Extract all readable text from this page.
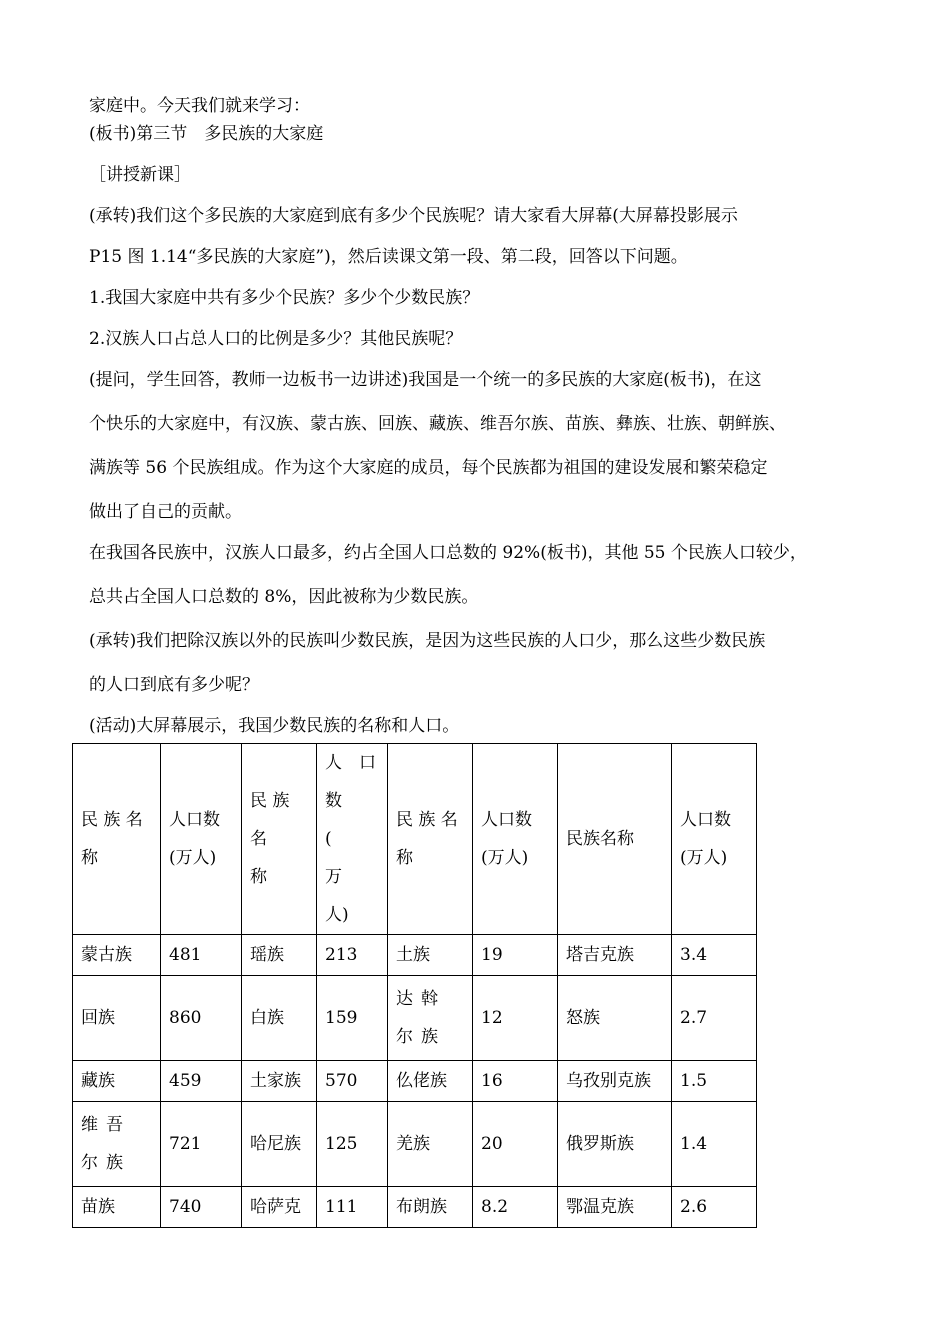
家庭中。今天我们就来学习：

(板书)第三节　多民族的大家庭

［讲授新课］

(承转)我们这个多民族的大家庭到底有多少个民族呢？请大家看大屏幕(大屏幕投影展示

P15 图 1.14“多民族的大家庭”)，然后读课文第一段、第二段，回答以下问题。

1.我国大家庭中共有多少个民族？多少个少数民族？

2.汉族人口占总人口的比例是多少？其他民族呢？

(提问，学生回答，教师一边板书一边讲述)我国是一个统一的多民族的大家庭(板书)，在这

个快乐的大家庭中，有汉族、蒙古族、回族、藏族、维吾尔族、苗族、彝族、壮族、朝鲜族、

满族等 56 个民族组成。作为这个大家庭的成员，每个民族都为祖国的建设发展和繁荣稳定

做出了自己的贡献。

在我国各民族中，汉族人口最多，约占全国人口总数的 92%(板书)，其他 55 个民族人口较少，

总共占全国人口总数的 8%，因此被称为少数民族。

(承转)我们把除汉族以外的民族叫少数民族，是因为这些民族的人口少，那么这些少数民族

的人口到底有多少呢？

(活动)大屏幕展示，我国少数民族的名称和人口。

民 族 名
称	人口数
(万人)	民 族 名
称	人　口
数
(　　万
人)	民 族 名
称	人口数
(万人)	民族名称	人口数
(万人)
蒙古族	481	瑶族	213	土族	19	塔吉克族	3.4
回族	860	白族	159	达斡尔族	12	怒族	2.7
藏族	459	土家族	570	仫佬族	16	乌孜别克族	1.5
维吾尔族	721	哈尼族	125	羌族	20	俄罗斯族	1.4
苗族	740	哈萨克	111	布朗族	8.2	鄂温克族	2.6
